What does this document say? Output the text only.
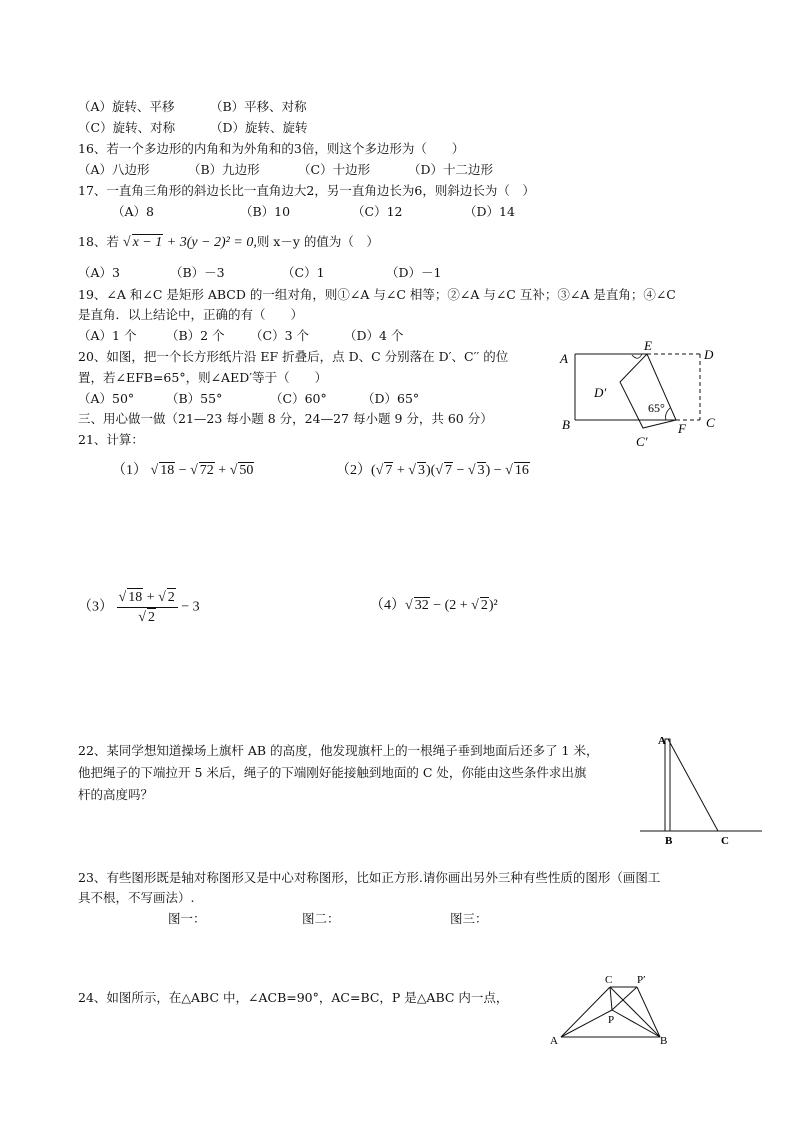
（A）旋转、平移	（B）平移、对称
（C）旋转、对称	（D）旋转、旋转
16、若一个多边形的内角和为外角和的3倍，则这个多边形为（　　）
（A）八边形	（B）九边形	（C）十边形	（D）十二边形
17、一直角三角形的斜边长比一直角边大2，另一直角边长为6，则斜边长为（　）
（A）8	（B）10	（C）12	（D）14
18、若 √ x − 1 + 3(y − 2)² = 0,则 x－y 的值为（　）
（A）3	（B）－3	（C）1	（D）－1
19、∠A 和∠C 是矩形 ABCD 的一组对角，则①∠A 与∠C 相等；②∠A 与∠C 互补；③∠A 是直角；④∠C
是直角．以上结论中，正确的有（　　）
（A）1 个 （B）2 个 （C）3 个	（D）4 个
20、如图，把一个长方形纸片沿 EF 折叠后，点 D、C 分别落在 D′、C′′ 的位
置，若∠EFB=65°，则∠AED′等于（　　）
（A）50°	（B）55°	（C）60°	（D）65°
A
E
D
D′
B
C′
F C
65°
三、用心做一做（21—23 每小题 8 分，24—27 每小题 9 分，共 60 分）
21、计算：
（1） √ 18 − √ 72 + √ 50	（2）(√ 7 + √ 3)(√ 7 − √ 3) − √ 16
$(3) \frac{√ 18 + √ 2}{√ 2} - 3$	（4）√ 32 − (2 + √ 2)²
22、某同学想知道操场上旗杆 AB 的高度，他发现旗杆上的一根绳子垂到地面后还多了 1 米，
他把绳子的下端拉开 5 米后，绳子的下端刚好能接触到地面的 C 处，你能由这些条件求出旗
杆的高度吗？
A
B	C
23、有些图形既是轴对称图形又是中心对称图形，比如正方形.请你画出另外三种有些性质的图形（画图工
具不根，不写画法）.
图一：	图二：	图三：
24、如图所示，在△ABC 中，∠ACB=90°，AC=BC，P 是△ABC 内一点，
C P′
P
A	B
